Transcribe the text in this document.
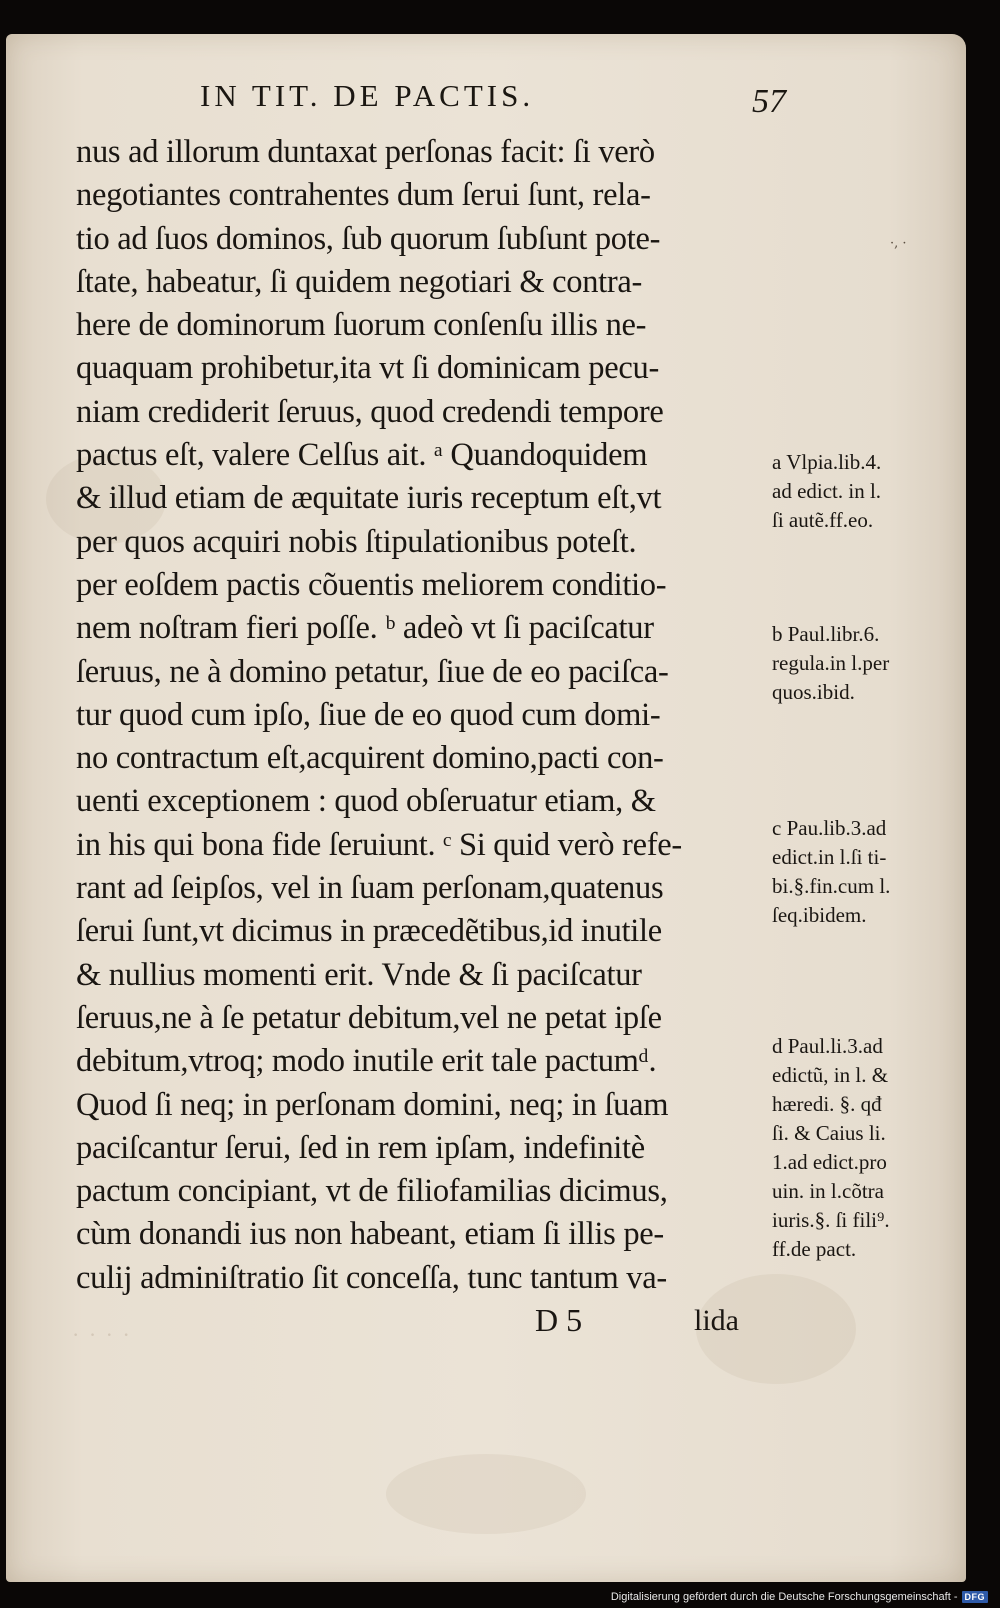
IN TIT. DE PACTIS.	57
nus ad illorum duntaxat perſonas facit: ſi verò
negotiantes contrahentes dum ſerui ſunt, rela-
tio ad ſuos dominos, ſub quorum ſubſunt pote-
ſtate, habeatur, ſi quidem negotiari & contra-
here de dominorum ſuorum conſenſu illis ne-
quaquam prohibetur,ita vt ſi dominicam pecu-
niam crediderit ſeruus, quod credendi tempore
pactus eſt, valere Celſus ait. ᵃ Quandoquidem
& illud etiam de æquitate iuris receptum eſt,vt
per quos acquiri nobis ſtipulationibus poteſt.
per eoſdem pactis cõuentis meliorem conditio-
nem noſtram fieri poſſe. ᵇ adeò vt ſi paciſcatur
ſeruus, ne à domino petatur, ſiue de eo paciſca-
tur quod cum ipſo, ſiue de eo quod cum domi-
no contractum eſt,acquirent domino,pacti con-
uenti exceptionem : quod obſeruatur etiam, &
in his qui bona fide ſeruiunt. ᶜ Si quid verò refe-
rant ad ſeipſos, vel in ſuam perſonam,quatenus
ſerui ſunt,vt dicimus in præcedẽtibus,id inutile
& nullius momenti erit. Vnde & ſi paciſcatur
ſeruus,ne à ſe petatur debitum,vel ne petat ipſe
debitum,vtroq; modo inutile erit tale pactumᵈ.
Quod ſi neq; in perſonam domini, neq; in ſuam
paciſcantur ſerui, ſed in rem ipſam, indefinitè
pactum concipiant, vt de filiofamilias dicimus,
cùm donandi ius non habeant, etiam ſi illis pe-
culij adminiſtratio ſit conceſſa, tunc tantum va-
a Vlpia.lib.4.
ad edict. in l.
ſi autẽ.ff.eo.
b Paul.libr.6.
regula.in l.per
quos.ibid.
c Pau.lib.3.ad
edict.in l.ſi ti-
bi.§.fin.cum l.
ſeq.ibidem.
d Paul.li.3.ad
edictũ, in l. &
hæredi. §. qđ
ſi. & Caius li.
1.ad edict.pro
uin. in l.cõtra
iuris.§. ſi fili⁹.
ff.de pact.
·, ·
D 5	lida
· · · ·
Digitalisierung gefördert durch die Deutsche Forschungsgemeinschaft - DFG
